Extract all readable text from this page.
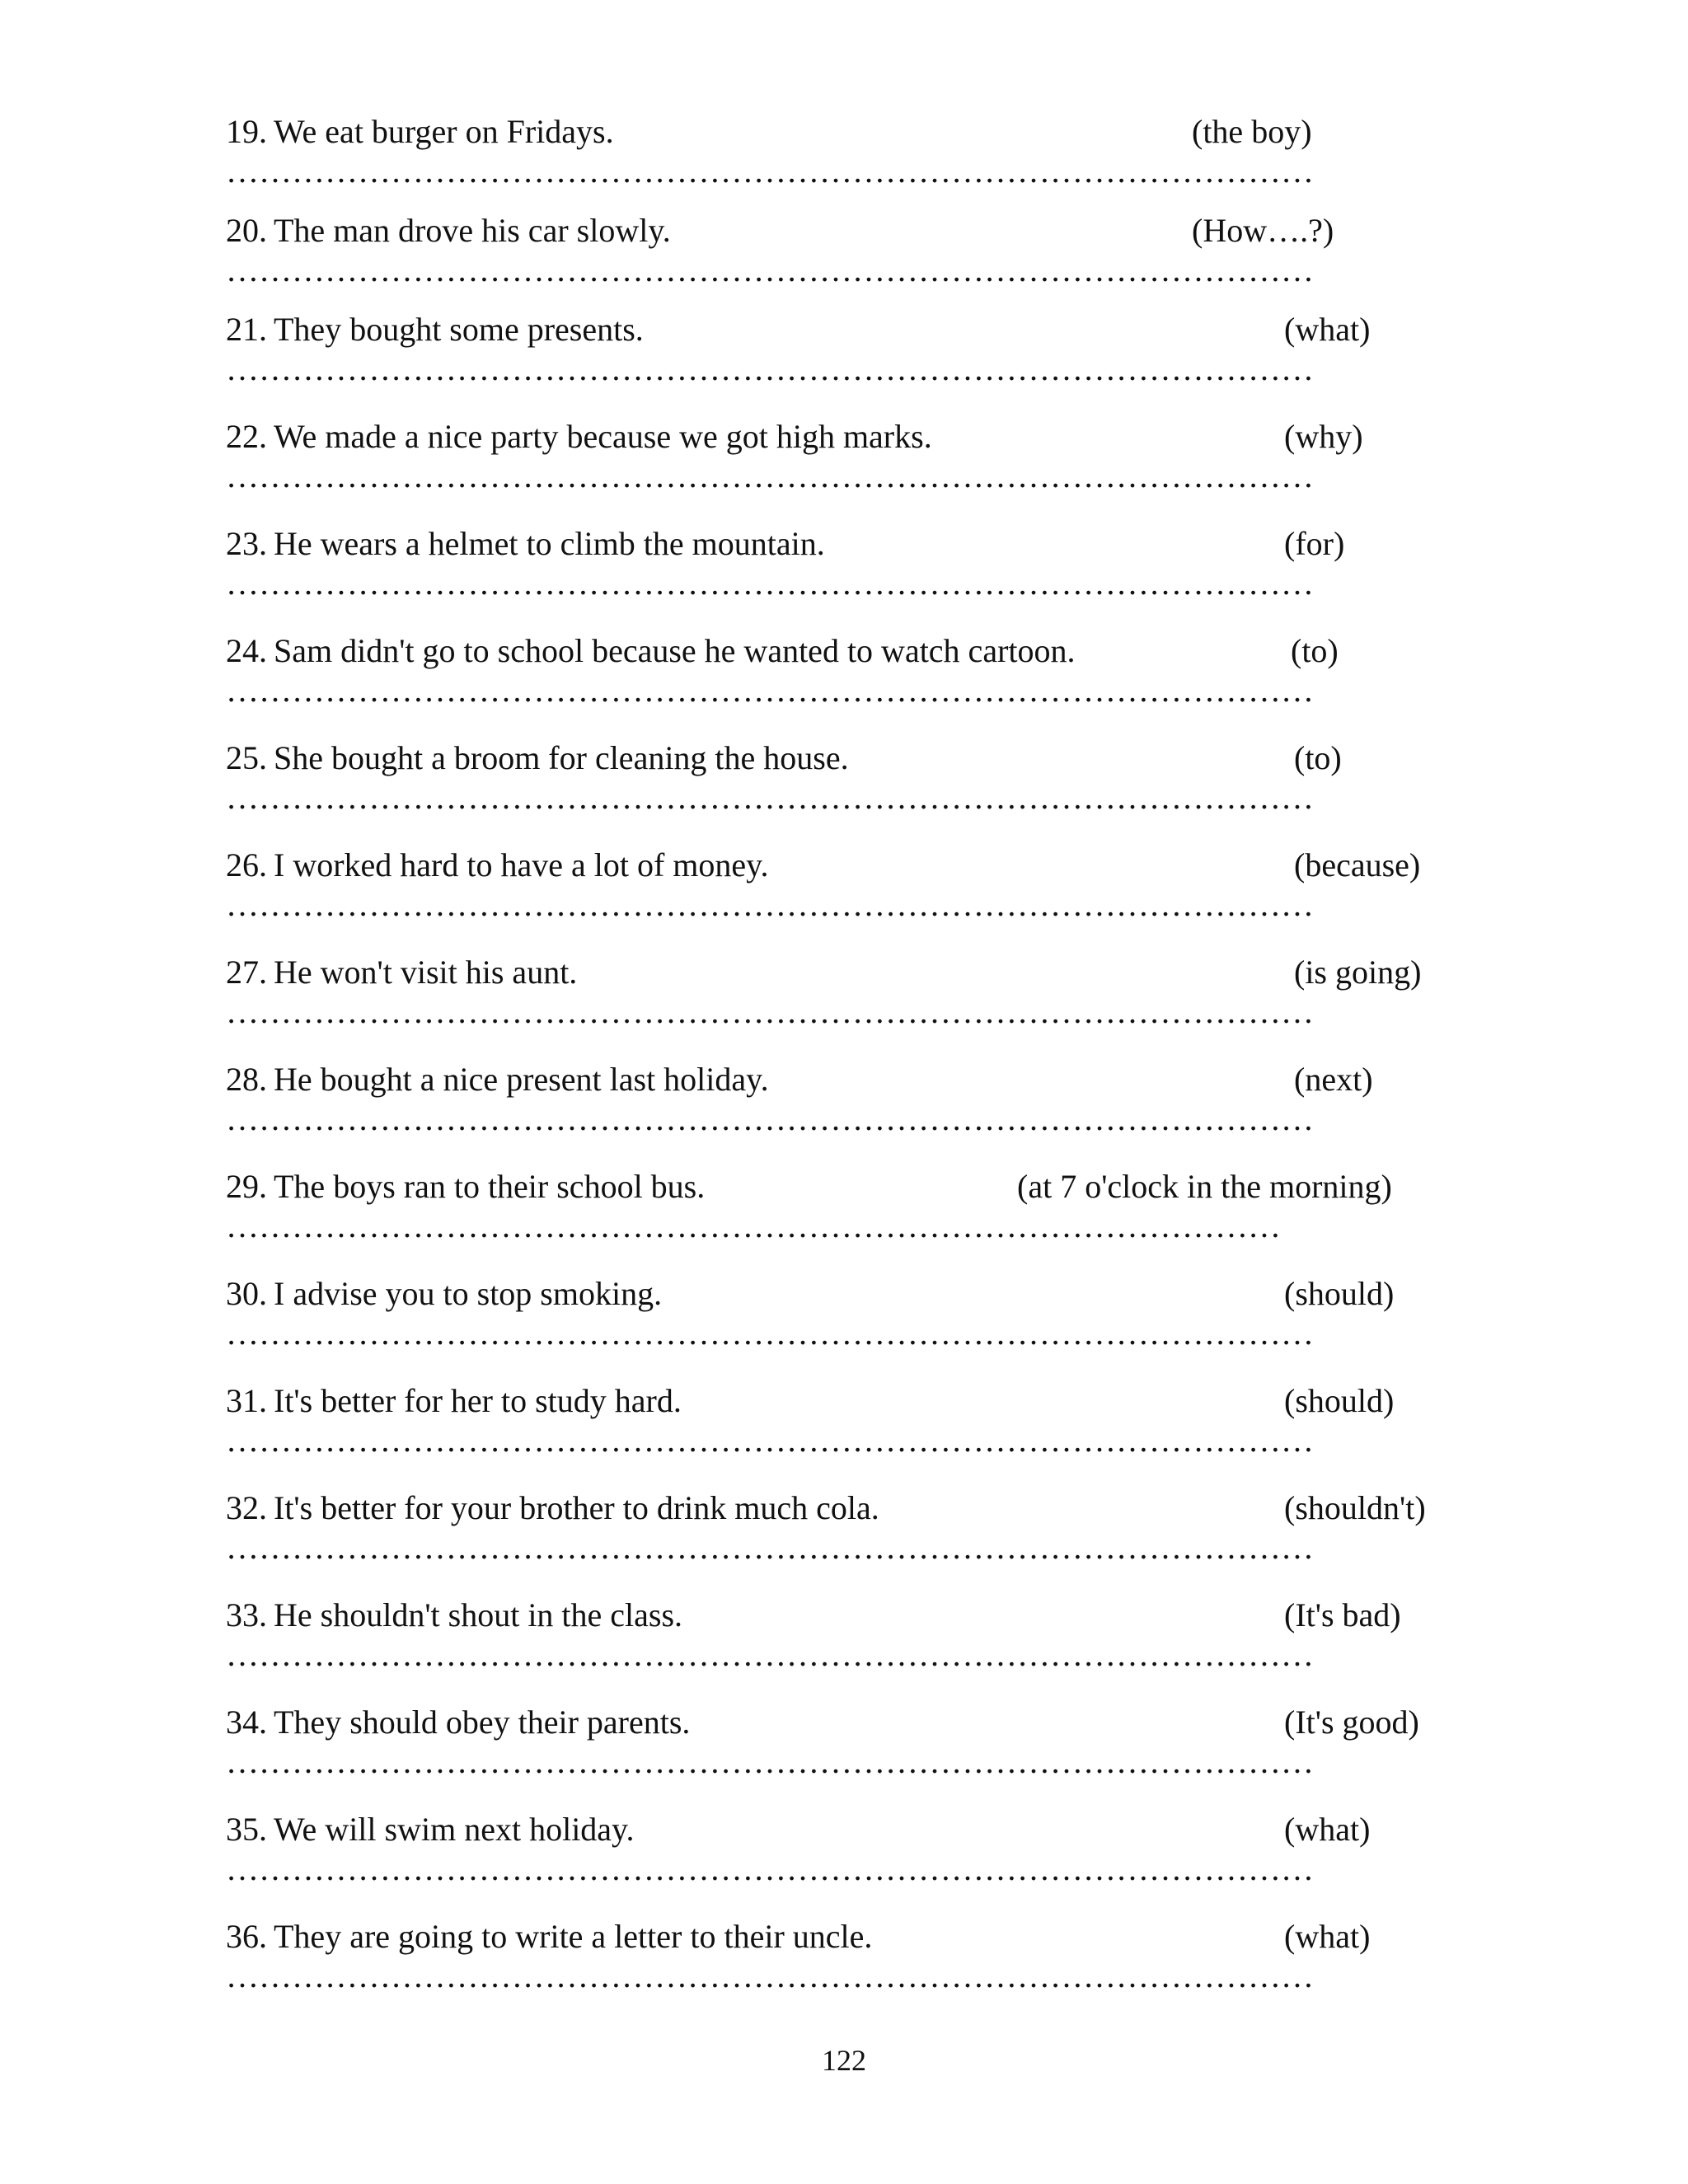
19. We eat burger on Fridays.	(the boy)
………………………………………………………………………………………
20. The man drove his car slowly.	(How….?)
………………………………………………………………………………………
21. They bought some presents.	(what)
………………………………………………………………………………………
22. We made a nice party because we got high marks.	(why)
………………………………………………………………………………………
23. He wears a helmet to climb the mountain.	(for)
………………………………………………………………………………………
24. Sam didn't go to school because he wanted to watch cartoon.	(to)
………………………………………………………………………………………
25. She bought a broom for cleaning the house.	(to)
………………………………………………………………………………………
26. I worked hard to have a lot of money.	(because)
………………………………………………………………………………………
27. He won't visit his aunt.	(is going)
………………………………………………………………………………………
28. He bought a nice present last holiday.	(next)
………………………………………………………………………………………
29. The boys ran to their school bus.	(at 7 o'clock in the morning)
……………………………………………………………………………………
30. I advise you to stop smoking.	(should)
………………………………………………………………………………………
31. It's better for her to study hard.	(should)
………………………………………………………………………………………
32. It's better for your brother to drink much cola.	(shouldn't)
………………………………………………………………………………………
33. He shouldn't shout in the class.	(It's bad)
………………………………………………………………………………………
34. They should obey their parents.	(It's good)
………………………………………………………………………………………
35. We will swim next holiday.	(what)
………………………………………………………………………………………
36. They are going to write a letter to their uncle.	(what)
………………………………………………………………………………………
122
